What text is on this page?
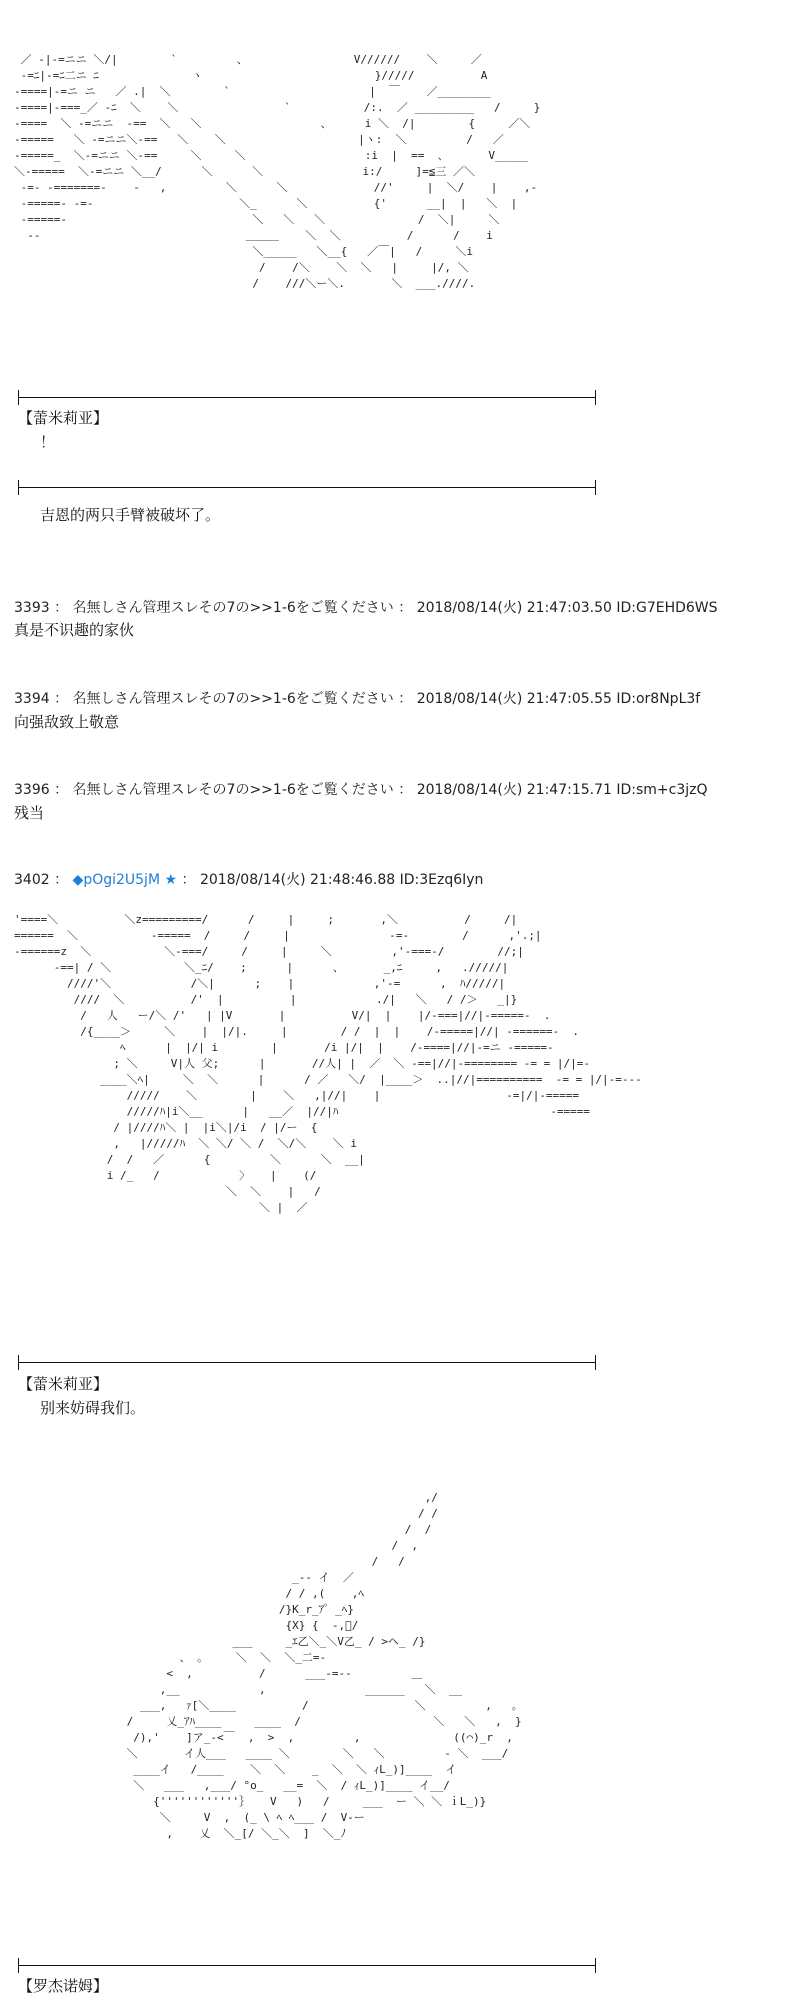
／ -|-=ニニ ＼/|        `         、                V//////    ＼     ／
-=ﾆ|-=ﾆ二ニ ﾆ              ヽ                          }/////          A
-====|-=ニ ニ   ／ .|  ＼        `                     |  ￣    ／________
-====|-===_／ -ﾆ  ＼    ＼                `           /:.  ／ _________   /     }
-====  ＼ -=ニニ  -==  ＼   ＼                  、     i ＼  /|        {     ／＼
-=====   ＼ -=ニニ＼-==   ＼    ＼                    |ヽ:  ＼         /   ／
-=====_  ＼-=ニニ ＼-==     ＼     ＼                  :i  |  ==  、      V_____
＼-=====  ＼-=ニニ ＼__/      ＼      ＼               i:/     ]=≦三 ／＼
-=- -=======-    -   ,         ＼      ＼             //'     |  ＼/    |    ,-
-=====- -=-                      ＼_      ＼          {'      __|  |   ＼  |
-=====-                            ＼   ＼   ＼              /  ＼|     ＼
--                               ＿＿＿    ＼  ＼          /      /    i
＼_____   ＼__{   ／￣|   /     ＼i
/    /＼    ＼  ＼   |     |/, ＼
/    ///＼ー＼.       ＼  ___.////.
【蕾米莉亚】
！
吉恩的两只手臂被破坏了。
3393 ： 名無しさん管理スレその7の>>1-6をご覧ください ： 2018/08/14(火) 21:47:03.50 ID:G7EHD6WS
真是不识趣的家伙
3394 ： 名無しさん管理スレその7の>>1-6をご覧ください ： 2018/08/14(火) 21:47:05.55 ID:or8NpL3f
向强敌致上敬意
3396 ： 名無しさん管理スレその7の>>1-6をご覧ください ： 2018/08/14(火) 21:47:15.71 ID:sm+c3jzQ
残当
3402 ： ◆pOgi2U5jM ★ ： 2018/08/14(火) 21:48:46.88 ID:3Ezq6Iyn
'====＼          ＼z=========/      /     |     ;       ,＼          /     /|
======  ＼           -=====  /     /     |               -=-        /      ,'.;|
-======z  ＼           ＼-===/     /     |     ＼         ,'-===-/        //;|
-==| / ＼           ＼_ﾆ/    ;      |      、      _,ﾆ     ,   ./////|
////'＼            /＼|      ;    |            ,'-=      ,  ﾊ/////|
////  ＼          /'  |          |            ./|   ＼   / /＞   _|}
/   人   ー/＼ /'   | |V       |          V/|  |    |/-===|//|-=====-  .
/{____＞     ＼    |  |/|.     |        / /  |  |    /-=====|//| -======-  .
ﾍ      |  |/| i        |       /i |/|  |    /-====|//|-=ニ -=====-
; ＼     V|人 父;      |       //人| |  ／  ＼ -==|//|-======== -= = |/|=-
____＼ﾍ|     ＼  ＼      |      / ／   ＼/  |____＞  ..|//|==========  -= = |/|-=---
/////    ＼        |    ＼   ,|//|    |                   -=|/|-=====
/////ﾊ|i＼__      |   __／  |//|ﾊ                                -=====
/ |////ﾊ＼ |  |i＼|/i  / |/ー  {
,   |/////ﾊ  ＼ ＼/ ＼ /  ＼/＼    ＼ i
/  /   ／      {         ＼      ＼  __|
i /_   /            〉   |    (/
＼  ＼    |   /
＼ |  ／
【蕾米莉亚】
别来妨碍我们。
,/
/ /
/  /
/  ,
/   /
_-- イ  ／
/ / ,(    ,ﾍ
/}K_r_ｱ゜_ﾍ}
{X} {  -,ﾞ/
___     _ｴ乙＼_＼V乙_ / >ヘ_ /}
、 ｡     ＼  ＼  ＼_二=‐
<  ,          /      ___-=--         ＿
,__            ,               ______   ＼  __
___,   ｧ[＼____          /                ＼         ,   。
/     乂_ｱﾊ____     ____  /                    ＼   ＼   ,  }
/),'    ]ア_-<￣  ,  >  ,         ,              ((⌒)_r  ,
＼       イ人___   ____ ＼        ＼   ＼         ‐ ＼  ___/
____イ   /____    ＼  ＼    _  ＼  ＼ ｨL_)]____  イ
＼   ___   ,___/ °o_   __=  ＼  / ｨL_)]____ イ__/
{''''''''''''｝   V   )   /     ___  ー ＼ ＼ ｉL_)}
＼     V  ,  (_ \ ﾍ ﾍ___ /  V-ー
,    乂  ＼_[/ ＼_＼  ]  ＼_ﾉ
【罗杰诺姆】
